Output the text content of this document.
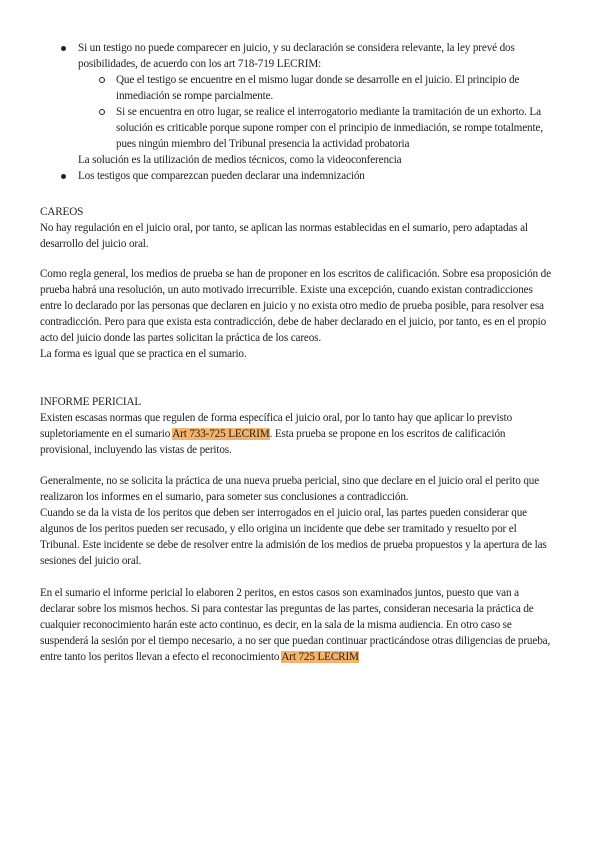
Si un testigo no puede comparecer en juicio, y su declaración se considera relevante, la ley prevé dos posibilidades, de acuerdo con los art 718-719 LECRIM:
Que el testigo se encuentre en el mismo lugar donde se desarrolle en el juicio. El principio de inmediación se rompe parcialmente.
Si se encuentra en otro lugar, se realice el interrogatorio mediante la tramitación de un exhorto. La solución es criticable porque supone romper con el principio de inmediación, se rompe totalmente, pues ningún miembro del Tribunal presencia la actividad probatoria

La solución es la utilización de medios técnicos, como la videoconferencia

Los testigos que comparezcan pueden declarar una indemnización

CAREOS

No hay regulación en el juicio oral, por tanto, se aplican las normas establecidas en el sumario, pero adaptadas al desarrollo del juicio oral.

Como regla general, los medios de prueba se han de proponer en los escritos de calificación. Sobre esa proposición de prueba habrá una resolución, un auto motivado irrecurrible. Existe una excepción, cuando existan contradicciones entre lo declarado por las personas que declaren en juicio y no exista otro medio de prueba posible, para resolver esa contradicción. Pero para que exista esta contradicción, debe de haber declarado en el juicio, por tanto, es en el propio acto del juicio donde las partes solicitan la práctica de los careos.

La forma es igual que se practica en el sumario.

INFORME PERICIAL

Existen escasas normas que regulen de forma específica el juicio oral, por lo tanto hay que aplicar lo previsto supletoriamente en el sumario Art 733-725 LECRIM. Esta prueba se propone en los escritos de calificación provisional, incluyendo las vistas de peritos.

Generalmente, no se solicita la práctica de una nueva prueba pericial, sino que declare en el juicio oral el perito que realizaron los informes en el sumario, para someter sus conclusiones a contradicción.

Cuando se da la vista de los peritos que deben ser interrogados en el juicio oral, las partes pueden considerar que algunos de los peritos pueden ser recusado, y ello origina un incidente que debe ser tramitado y resuelto por el Tribunal. Este incidente se debe de resolver entre la admisión de los medios de prueba propuestos y la apertura de las sesiones del juicio oral.

En el sumario el informe pericial lo elaboren 2 peritos, en estos casos son examinados juntos, puesto que van a declarar sobre los mismos hechos. Si para contestar las preguntas de las partes, consideran necesaria la práctica de cualquier reconocimiento harán este acto continuo, es decir, en la sala de la misma audiencia. En otro caso se suspenderá la sesión por el tiempo necesario, a no ser que puedan continuar practicándose otras diligencias de prueba, entre tanto los peritos llevan a efecto el reconocimiento Art 725 LECRIM
